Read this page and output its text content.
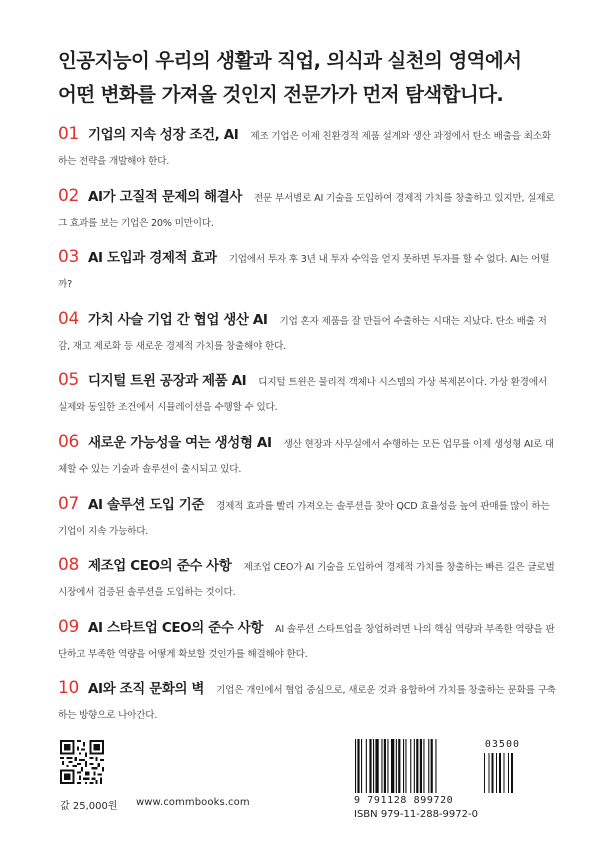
인공지능이 우리의 생활과 직업, 의식과 실천의 영역에서
어떤 변화를 가져올 것인지 전문가가 먼저 탐색합니다.
01 기업의 지속 성장 조건, AI 제조 기업은 이제 친환경적 제품 설계와 생산 과정에서 탄소 배출을 최소화하는 전략을 개발해야 한다.
02 AI가 고질적 문제의 해결사 전문 부서별로 AI 기술을 도입하여 경제적 가치를 창출하고 있지만, 실제로 그 효과를 보는 기업은 20% 미만이다.
03 AI 도입과 경제적 효과 기업에서 투자 후 3년 내 투자 수익을 얻지 못하면 투자를 할 수 없다. AI는 어떨까?
04 가치 사슬 기업 간 협업 생산 AI 기업 혼자 제품을 잘 만들어 수출하는 시대는 지났다. 탄소 배출 저감, 재고 제로화 등 새로운 경제적 가치를 창출해야 한다.
05 디지털 트윈 공장과 제품 AI 디지털 트윈은 물리적 객체나 시스템의 가상 복제본이다. 가상 환경에서 실제와 동일한 조건에서 시뮬레이션을 수행할 수 있다.
06 새로운 가능성을 여는 생성형 AI 생산 현장과 사무실에서 수행하는 모든 업무를 이제 생성형 AI로 대체할 수 있는 기술과 솔루션이 출시되고 있다.
07 AI 솔루션 도입 기준 경제적 효과를 빨리 가져오는 솔루션을 찾아 QCD 효율성을 높여 판매를 많이 하는 기업이 지속 가능하다.
08 제조업 CEO의 준수 사항 제조업 CEO가 AI 기술을 도입하여 경제적 가치를 창출하는 빠른 길은 글로벌 시장에서 검증된 솔루션을 도입하는 것이다.
09 AI 스타트업 CEO의 준수 사항 AI 솔루션 스타트업을 창업하려면 나의 핵심 역량과 부족한 역량을 판단하고 부족한 역량을 어떻게 확보할 것인가를 해결해야 한다.
10 AI와 조직 문화의 벽 기업은 개인에서 협업 중심으로, 새로운 것과 융합하여 가치를 창출하는 문화를 구축하는 방향으로 나아간다.
값 25,000원 www.commbooks.com
03500
9 791128 899720
ISBN 979-11-288-9972-0
